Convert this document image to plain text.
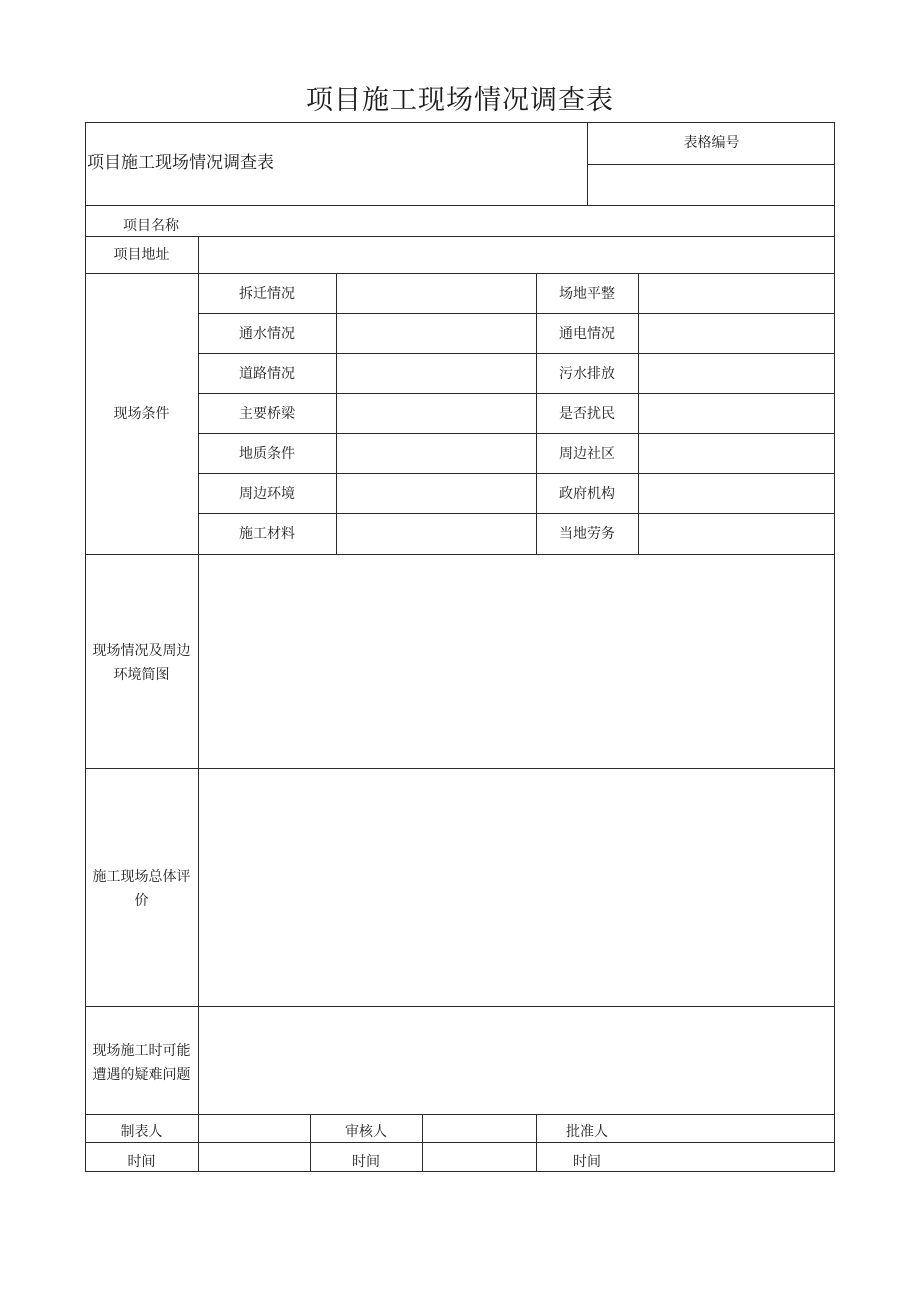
项目施工现场情况调查表
项目施工现场情况调查表
表格编号
项目名称
项目地址
现场条件
拆迁情况	场地平整
通水情况	通电情况
道路情况	污水排放
主要桥梁	是否扰民
地质条件	周边社区
周边环境	政府机构
施工材料	当地劳务
现场情况及周边
环境简图
施工现场总体评
价
现场施工时可能
遭遇的疑难问题
制表人	审核人	批准人
时间	时间	时间
